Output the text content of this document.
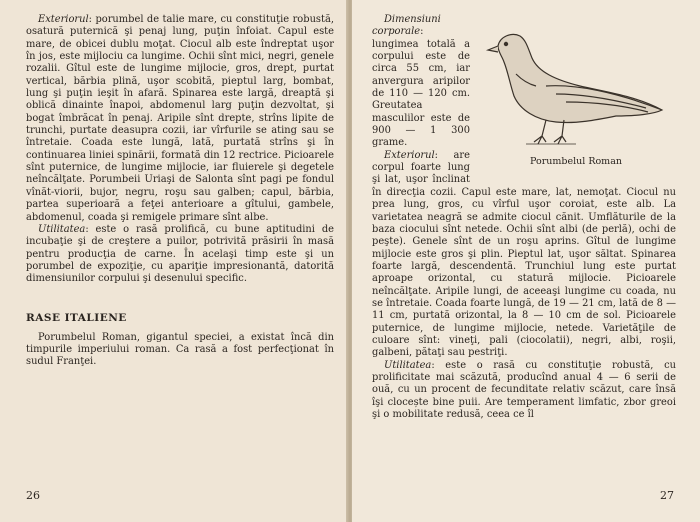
Exteriorul: porumbel de talie mare, cu constituţie robustă, osatură puternică şi penaj lung, puţin înfoiat. Capul este mare, de obicei dublu moţat. Ciocul alb este îndreptat uşor în jos, este mijlociu ca lungime. Ochii sînt mici, negri, genele rozalii. Gîtul este de lungime mijlocie, gros, drept, purtat vertical, bărbia plină, uşor scobită, pieptul larg, bombat, lung şi puţin ieşit în afară. Spinarea este largă, dreaptă şi oblică dinainte înapoi, abdomenul larg puţin dezvoltat, şi bogat îmbrăcat în penaj. Aripile sînt drepte, strîns lipite de trunchi, purtate deasupra cozii, iar vîrfurile se ating sau se întretaie. Coada este lungă, lată, purtată strîns şi în continuarea liniei spinării, formată din 12 rectrice. Picioarele sînt puternice, de lungime mijlocie, iar fluierele şi degetele neîncălţate. Porumbeii Uriaşi de Salonta sînt pagi pe fondul vînăt-viorii, bujor, negru, roşu sau galben; capul, bărbia, partea superioară a feţei anterioare a gîtului, gambele, abdomenul, coada şi remigele primare sînt albe.

Utilitatea: este o rasă prolifică, cu bune aptitudini de incubaţie şi de creştere a puilor, potrivită prăsirii în masă pentru producţia de carne. În acelaşi timp este şi un porumbel de expoziţie, cu apariţie impresionantă, datorită dimensiunilor corpului şi desenului specific.

RASE ITALIENE

Porumbelul Roman, gigantul speciei, a existat încă din timpurile imperiului roman. Ca rasă a fost perfecţionat în sudul Franţei.

26
Porumbelul Roman

Dimensiuni corporale: lungimea totală a corpului este de circa 55 cm, iar anvergura aripilor de 110 — 120 cm. Greutatea masculilor este de 900 — 1 300 grame.

Exteriorul: are corpul foarte lung şi lat, uşor înclinat în direcţia cozii. Capul este mare, lat, nemoţat. Ciocul nu prea lung, gros, cu vîrful uşor coroiat, este alb. La varietatea neagră se admite ciocul cănit. Umflăturile de la baza ciocului sînt netede. Ochii sînt albi (de perlă), ochi de peşte). Genele sînt de un roşu aprins. Gîtul de lungime mijlocie este gros şi plin. Pieptul lat, uşor săltat. Spinarea foarte largă, descendentă. Trunchiul lung este purtat aproape orizontal, cu statură mijlocie. Picioarele neîncălţate. Aripile lungi, de aceeaşi lungime cu coada, nu se întretaie. Coada foarte lungă, de 19 — 21 cm, lată de 8 — 11 cm, purtată orizontal, la 8 — 10 cm de sol. Picioarele puternice, de lungime mijlocie, netede. Varietăţile de culoare sînt: vineţi, pali (ciocolatii), negri, albi, roşii, galbeni, pătaţi sau pestriţi.

Utilitatea: este o rasă cu constituţie robustă, cu prolificitate mai scăzută, producînd anual 4 — 6 serii de ouă, cu un procent de fecunditate relativ scăzut, care însă îşi clocește bine puii. Are temperament limfatic, zbor greoi şi o mobilitate redusă, ceea ce îl

27
